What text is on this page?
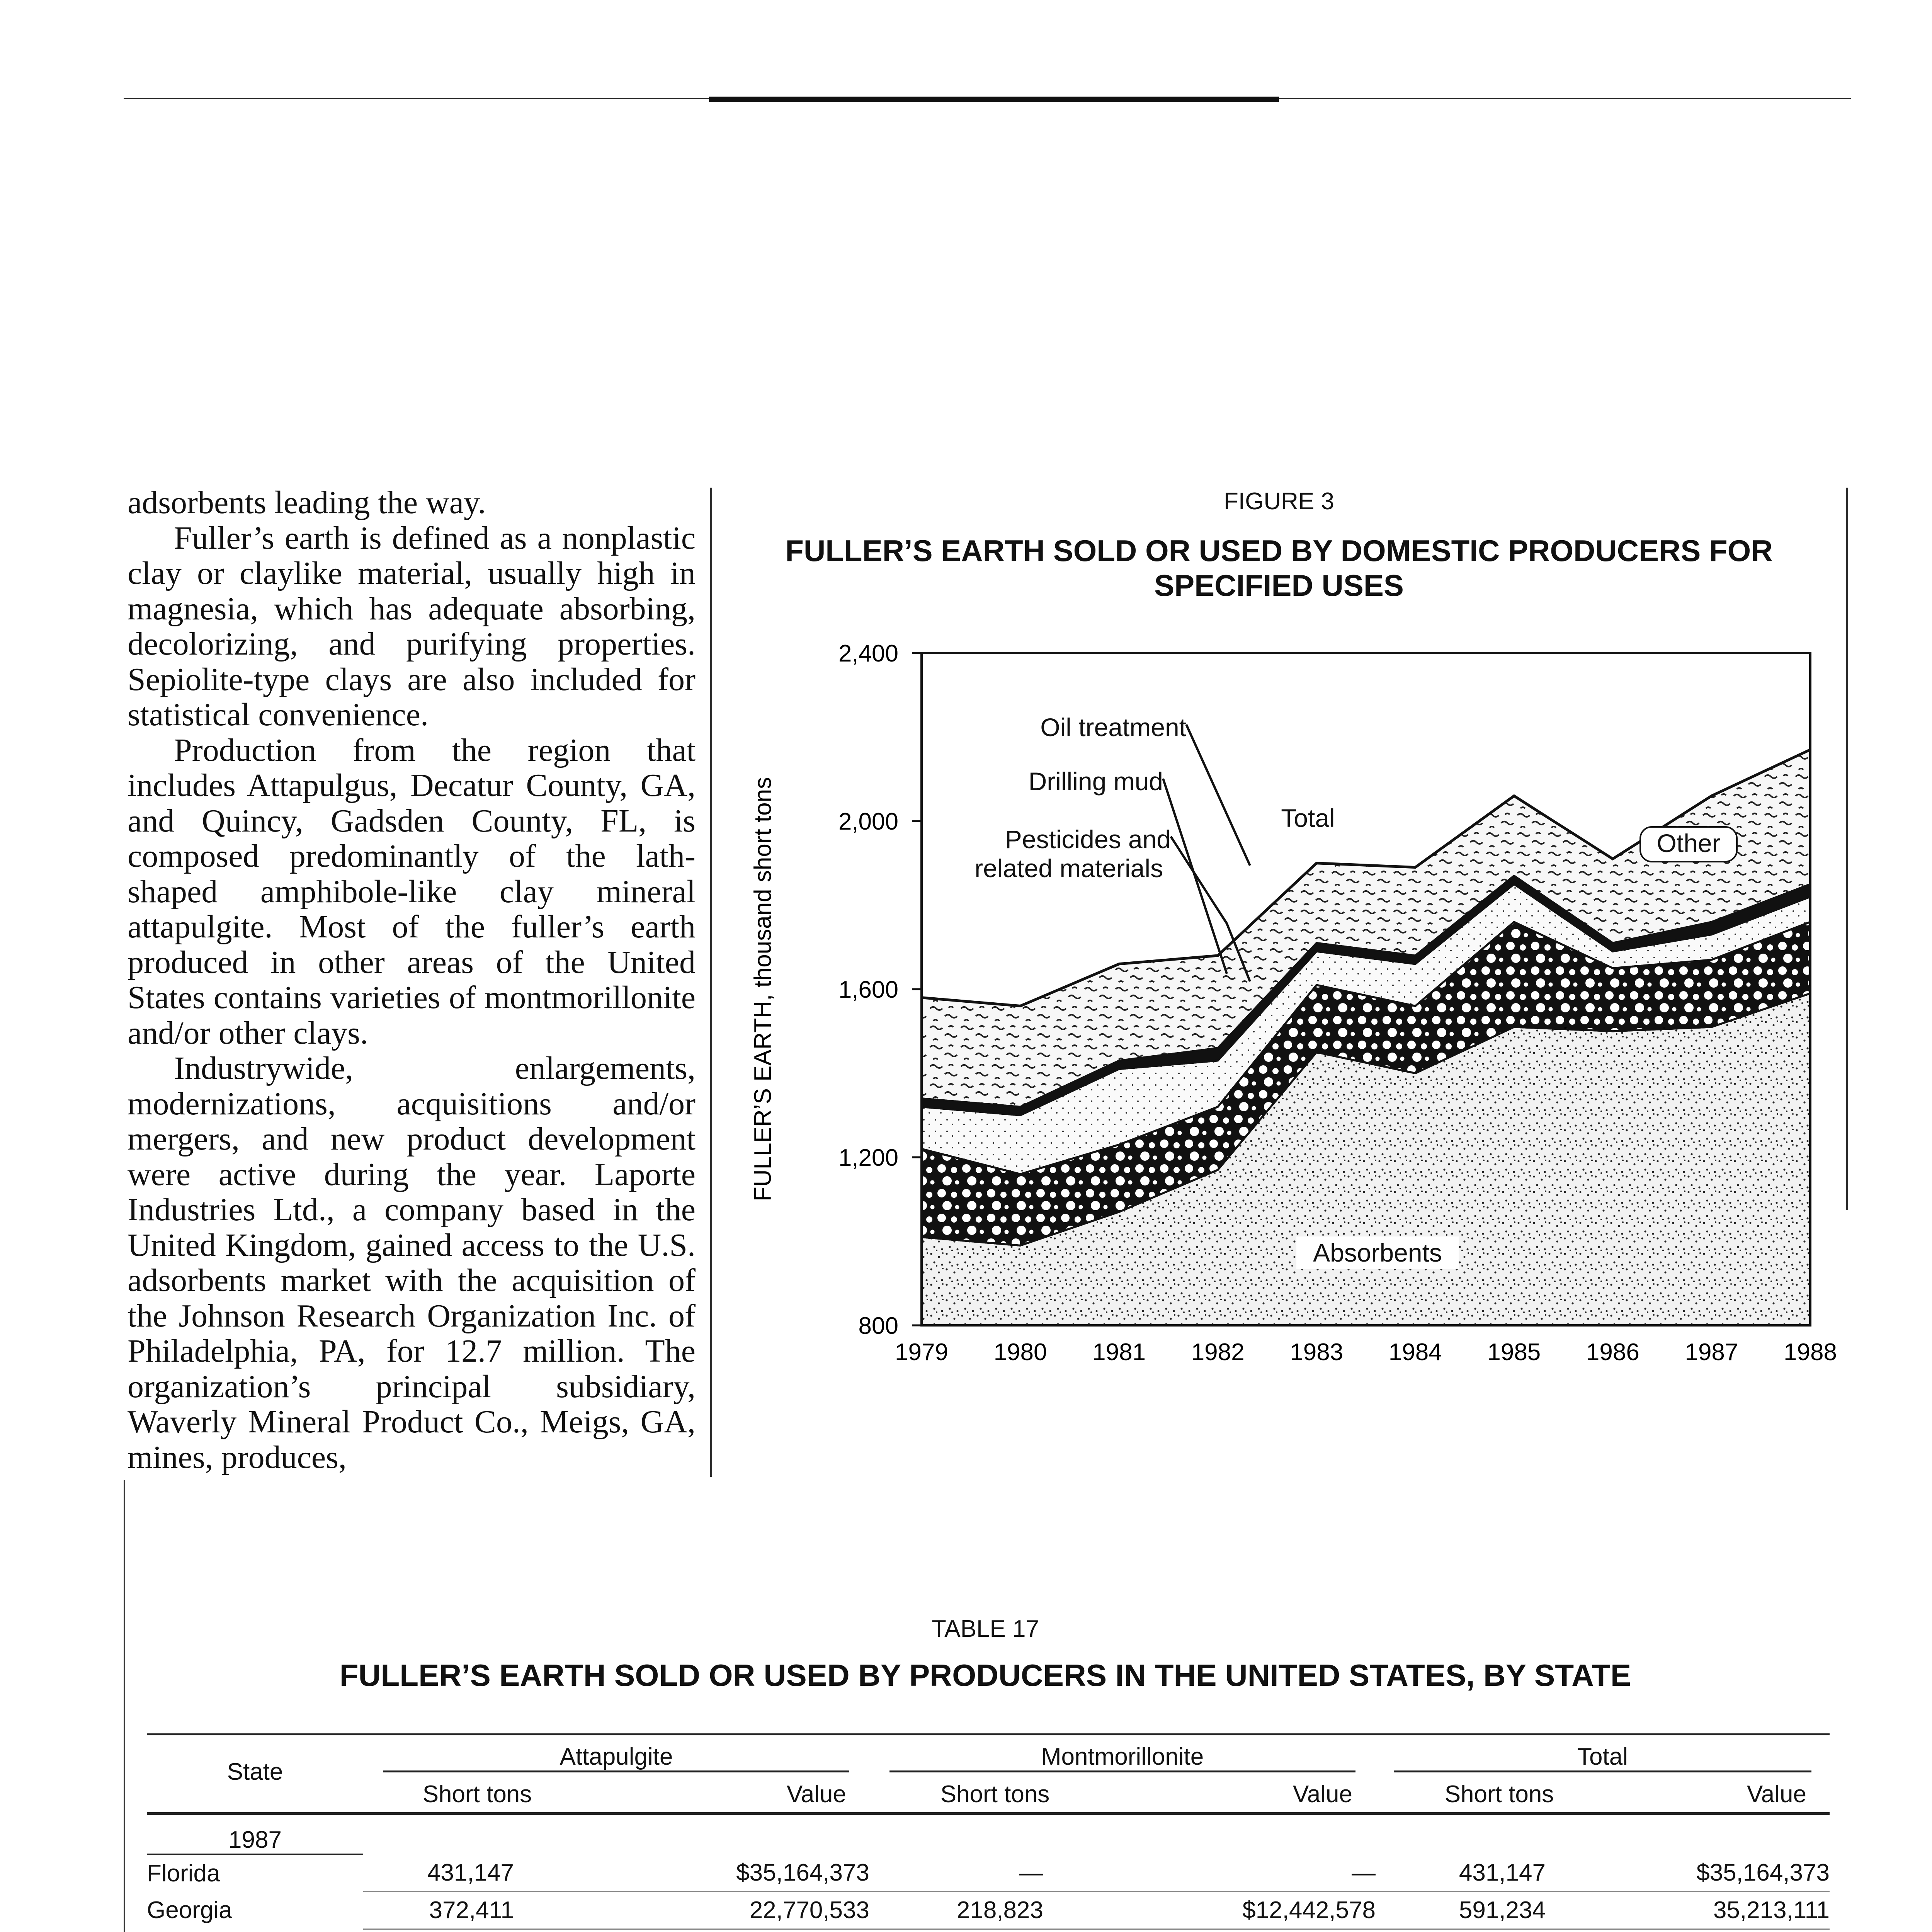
adsorbents leading the way.

Fuller’s earth is defined as a nonplastic clay or claylike material, usually high in magnesia, which has adequate absorbing, decolorizing, and purifying properties. Sepiolite-type clays are also included for statistical convenience.

Production from the region that includes Attapulgus, Decatur County, GA, and Quincy, Gadsden County, FL, is composed predominantly of the lath-shaped amphibole-like clay mineral attapulgite. Most of the fuller’s earth produced in other areas of the United States contains varieties of montmorillonite and/or other clays.

Industrywide, enlargements, modernizations, acquisitions and/or mergers, and new product development were active during the year. Laporte Industries Ltd., a company based in the United Kingdom, gained access to the U.S. adsorbents market with the acquisition of the Johnson Research Organization Inc. of Philadelphia, PA, for 12.7 million. The organization’s principal subsidiary, Waverly Mineral Product Co., Meigs, GA, mines, produces,

FIGURE 3
FULLER’S EARTH SOLD OR USED BY DOMESTIC PRODUCERS FOR SPECIFIED USES
800
1,200
1,600
2,000
2,400
1979 1980 1981 1982 1983 1984 1985 1986 1987 1988
FULLER’S EARTH, thousand short tons
Oil treatment
Drilling mud
Pesticides and
related materials
Total
Other
Absorbents
TABLE 17
FULLER’S EARTH SOLD OR USED BY PRODUCERS IN THE UNITED STATES, BY STATE
State	Attapulgite		Montmorillonite		Total	
	Short tons	Value	Short tons	Value	Short tons	Value
1987						
Florida	431,147	$35,164,373	—	—	431,147	$35,164,373
Georgia	372,411	22,770,533	218,823	$12,442,578	591,234	35,213,111
